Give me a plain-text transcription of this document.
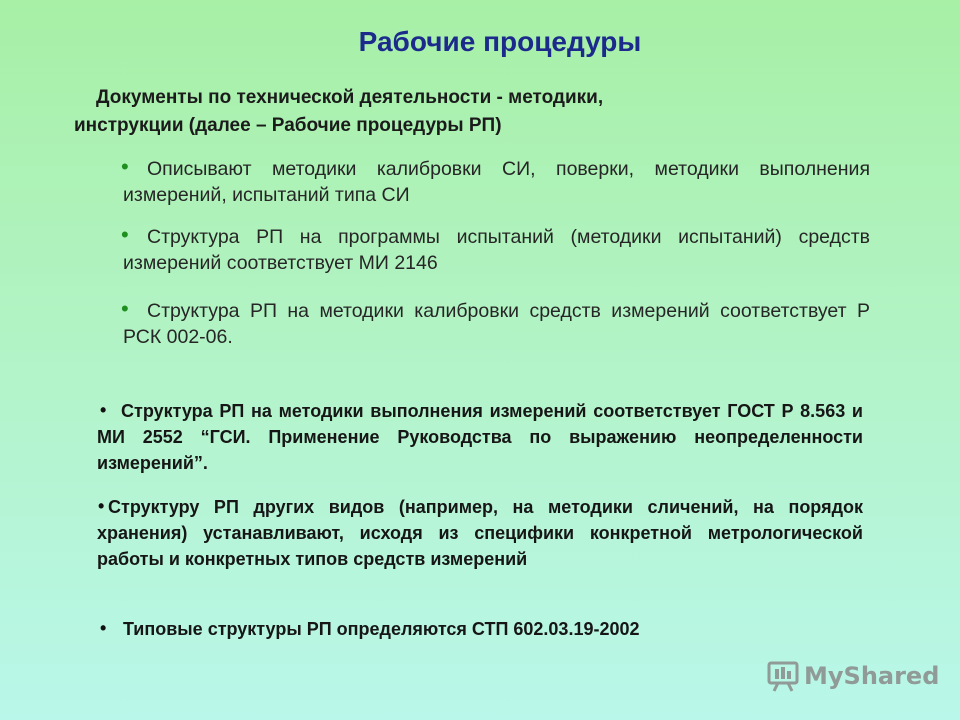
Рабочие процедуры
Документы по технической деятельности - методики,
инструкции (далее – Рабочие процедуры РП)
• Описывают методики калибровки СИ, поверки, методики выполнения измерений, испытаний типа СИ
• Структура РП на программы испытаний (методики испытаний) средств измерений соответствует МИ 2146
• Структура РП на методики калибровки средств измерений соответствует Р РСК 002-06.
• Структура РП на методики выполнения измерений соответствует ГОСТ Р 8.563 и МИ 2552 “ГСИ. Применение Руководства по выражению неопределенности измерений”.
• Структуру РП других видов (например, на методики сличений, на порядок хранения) устанавливают, исходя из специфики конкретной метрологической работы и конкретных типов средств измерений
• Типовые структуры РП определяются СТП 602.03.19-2002
MyShared
